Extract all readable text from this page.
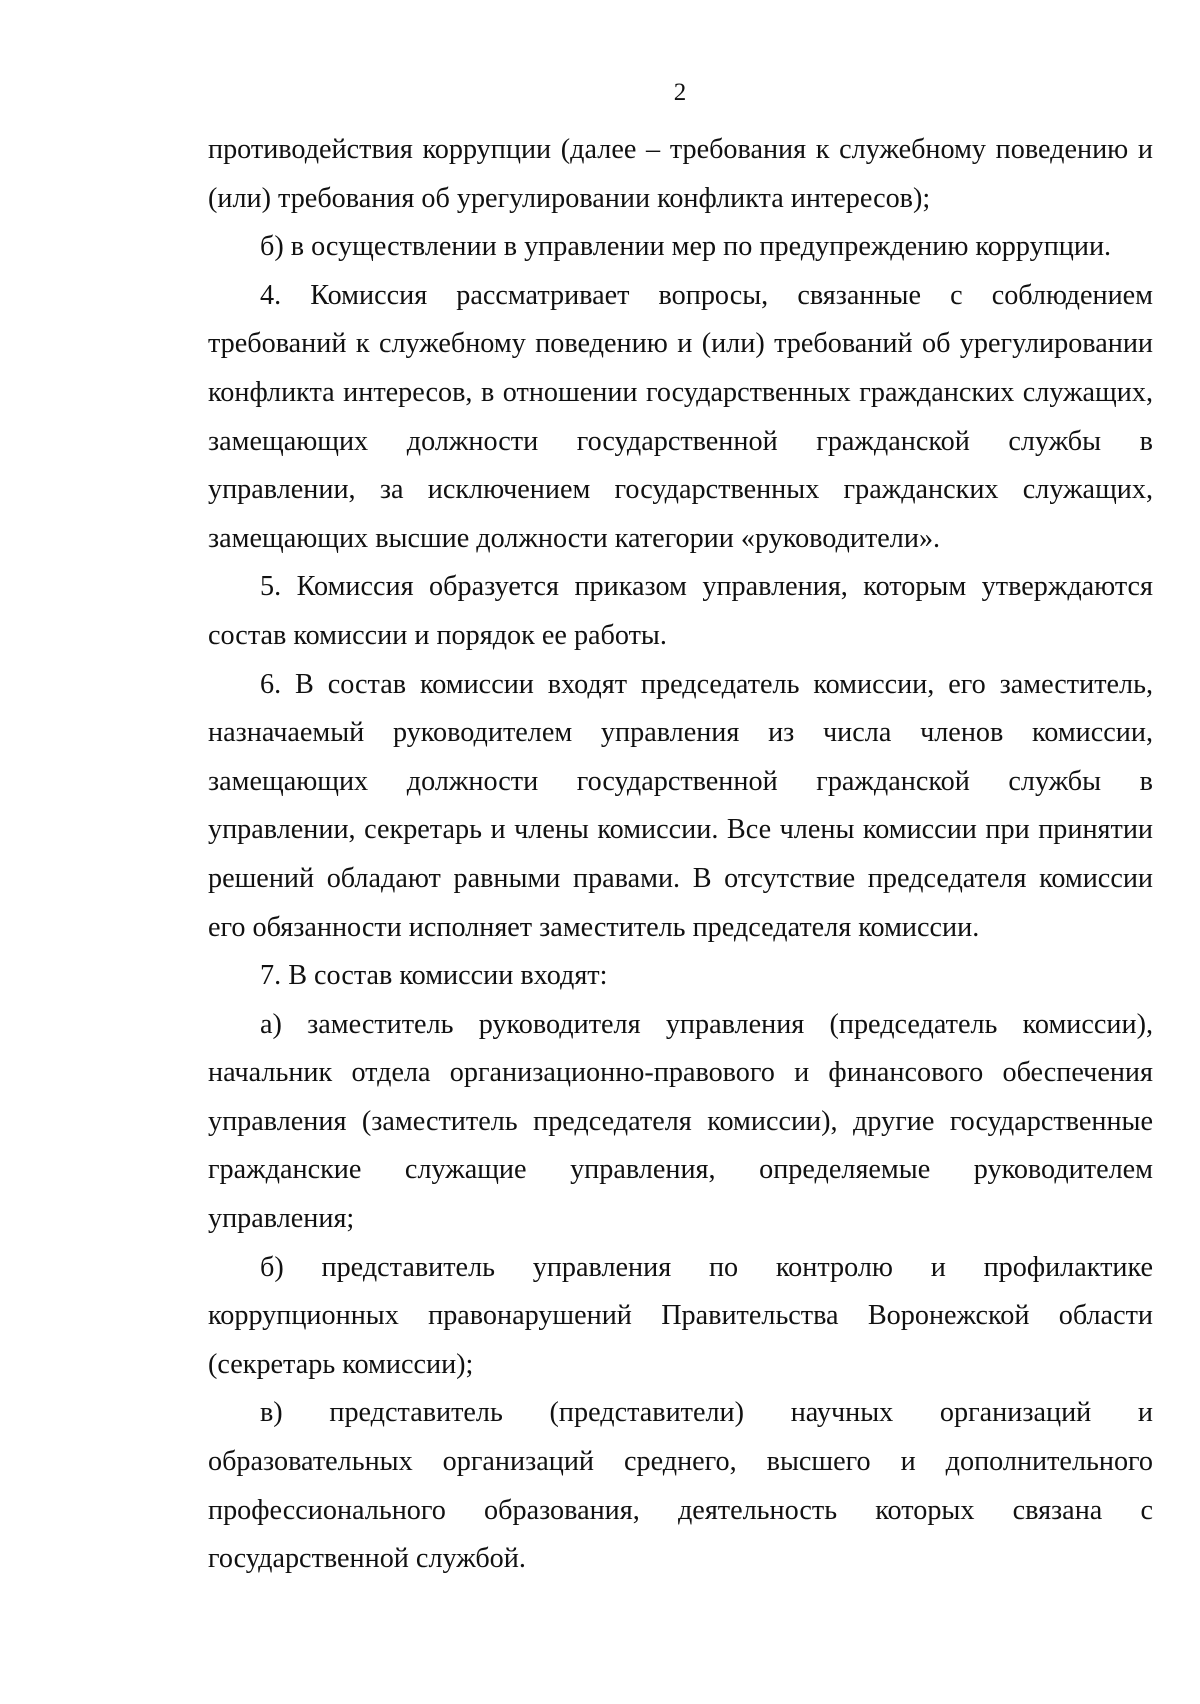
2
противодействия коррупции (далее – требования к служебному поведению и
(или) требования об урегулировании конфликта интересов);
б) в осуществлении в управлении мер по предупреждению коррупции.
4. Комиссия рассматривает вопросы, связанные с соблюдением
требований к служебному поведению и (или) требований об урегулировании
конфликта интересов, в отношении государственных гражданских служащих,
замещающих должности государственной гражданской службы в
управлении, за исключением государственных гражданских служащих,
замещающих высшие должности категории «руководители».
5. Комиссия образуется приказом управления, которым утверждаются
состав комиссии и порядок ее работы.
6. В состав комиссии входят председатель комиссии, его заместитель,
назначаемый руководителем управления из числа членов комиссии,
замещающих должности государственной гражданской службы в
управлении, секретарь и члены комиссии. Все члены комиссии при принятии
решений обладают равными правами. В отсутствие председателя комиссии
его обязанности исполняет заместитель председателя комиссии.
7. В состав комиссии входят:
а) заместитель руководителя управления (председатель комиссии),
начальник отдела организационно-правового и финансового обеспечения
управления (заместитель председателя комиссии), другие государственные
гражданские служащие управления, определяемые руководителем
управления;
б) представитель управления по контролю и профилактике
коррупционных правонарушений Правительства Воронежской области
(секретарь комиссии);
в) представитель (представители) научных организаций и
образовательных организаций среднего, высшего и дополнительного
профессионального образования, деятельность которых связана с
государственной службой.
